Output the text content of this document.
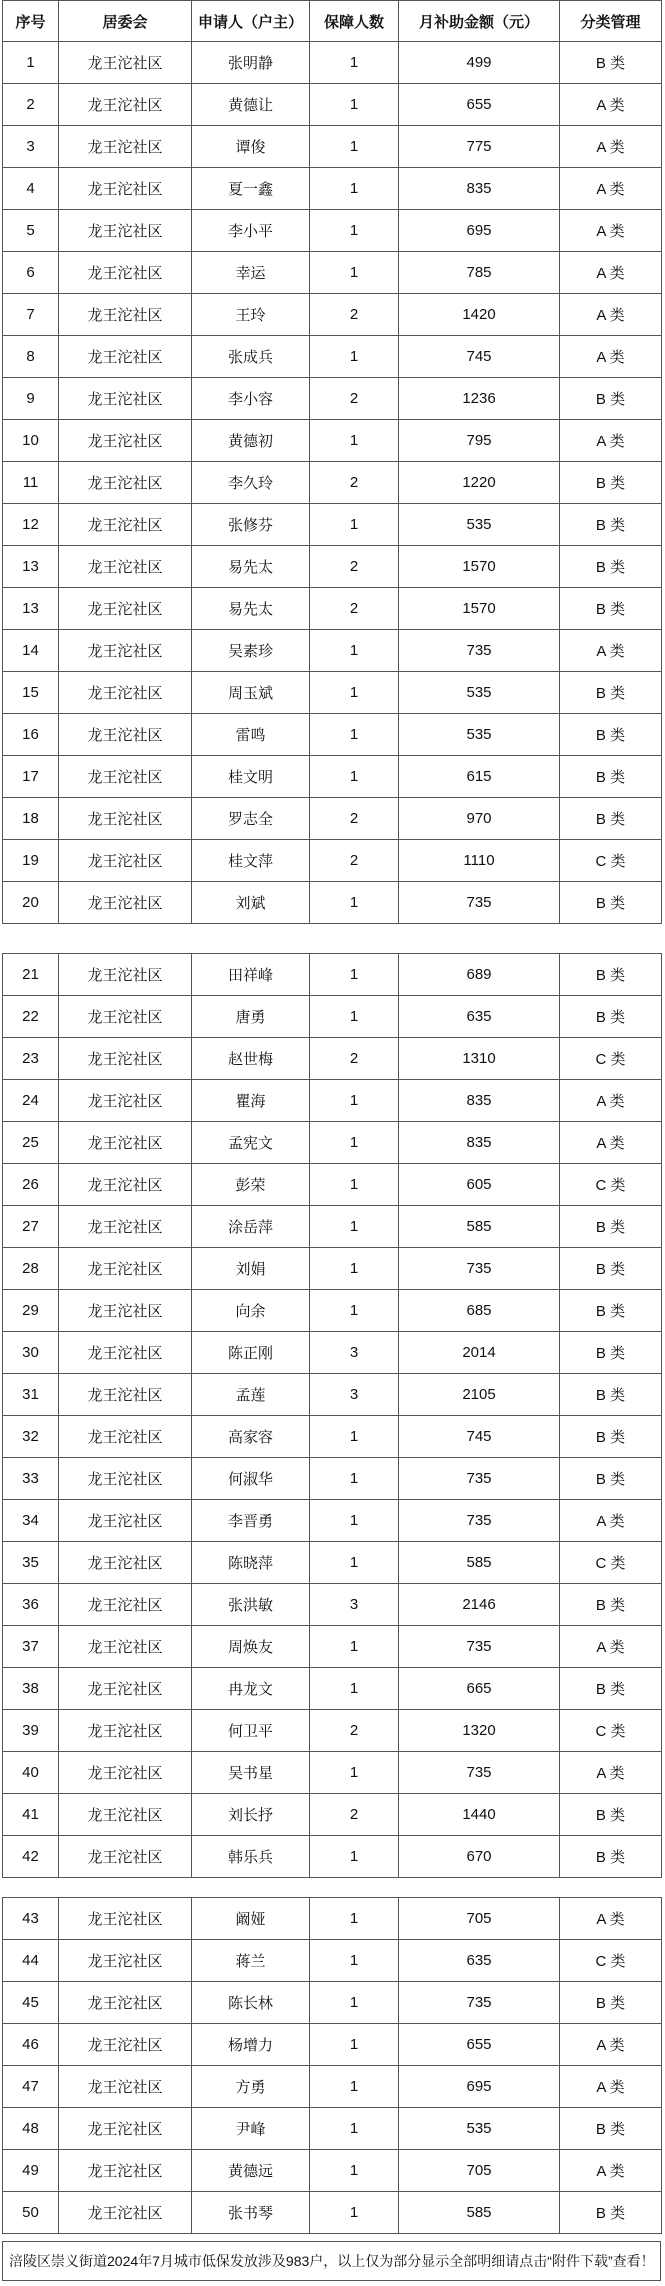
序号	居委会	申请人（户主）	保障人数	月补助金额（元）	分类管理
1	龙王沱社区	张明静	1	499	B 类
2	龙王沱社区	黄德让	1	655	A 类
3	龙王沱社区	谭俊	1	775	A 类
4	龙王沱社区	夏一鑫	1	835	A 类
5	龙王沱社区	李小平	1	695	A 类
6	龙王沱社区	幸运	1	785	A 类
7	龙王沱社区	王玲	2	1420	A 类
8	龙王沱社区	张成兵	1	745	A 类
9	龙王沱社区	李小容	2	1236	B 类
10	龙王沱社区	黄德初	1	795	A 类
11	龙王沱社区	李久玲	2	1220	B 类
12	龙王沱社区	张修芬	1	535	B 类
13	龙王沱社区	易先太	2	1570	B 类
13	龙王沱社区	易先太	2	1570	B 类
14	龙王沱社区	吴素珍	1	735	A 类
15	龙王沱社区	周玉斌	1	535	B 类
16	龙王沱社区	雷鸣	1	535	B 类
17	龙王沱社区	桂文明	1	615	B 类
18	龙王沱社区	罗志全	2	970	B 类
19	龙王沱社区	桂文萍	2	1110	C 类
20	龙王沱社区	刘斌	1	735	B 类
21	龙王沱社区	田祥峰	1	689	B 类
22	龙王沱社区	唐勇	1	635	B 类
23	龙王沱社区	赵世梅	2	1310	C 类
24	龙王沱社区	瞿海	1	835	A 类
25	龙王沱社区	孟宪文	1	835	A 类
26	龙王沱社区	彭荣	1	605	C 类
27	龙王沱社区	涂岳萍	1	585	B 类
28	龙王沱社区	刘娟	1	735	B 类
29	龙王沱社区	向余	1	685	B 类
30	龙王沱社区	陈正刚	3	2014	B 类
31	龙王沱社区	孟莲	3	2105	B 类
32	龙王沱社区	高家容	1	745	B 类
33	龙王沱社区	何淑华	1	735	B 类
34	龙王沱社区	李晋勇	1	735	A 类
35	龙王沱社区	陈晓萍	1	585	C 类
36	龙王沱社区	张洪敏	3	2146	B 类
37	龙王沱社区	周焕友	1	735	A 类
38	龙王沱社区	冉龙文	1	665	B 类
39	龙王沱社区	何卫平	2	1320	C 类
40	龙王沱社区	吴书星	1	735	A 类
41	龙王沱社区	刘长抒	2	1440	B 类
42	龙王沱社区	韩乐兵	1	670	B 类
43	龙王沱社区	阚娅	1	705	A 类
44	龙王沱社区	蒋兰	1	635	C 类
45	龙王沱社区	陈长林	1	735	B 类
46	龙王沱社区	杨增力	1	655	A 类
47	龙王沱社区	方勇	1	695	A 类
48	龙王沱社区	尹峰	1	535	B 类
49	龙王沱社区	黄德远	1	705	A 类
50	龙王沱社区	张书琴	1	585	B 类
涪陵区崇义街道2024年7月城市低保发放涉及983户，以上仅为部分显示全部明细请点击“附件下载”查看！
